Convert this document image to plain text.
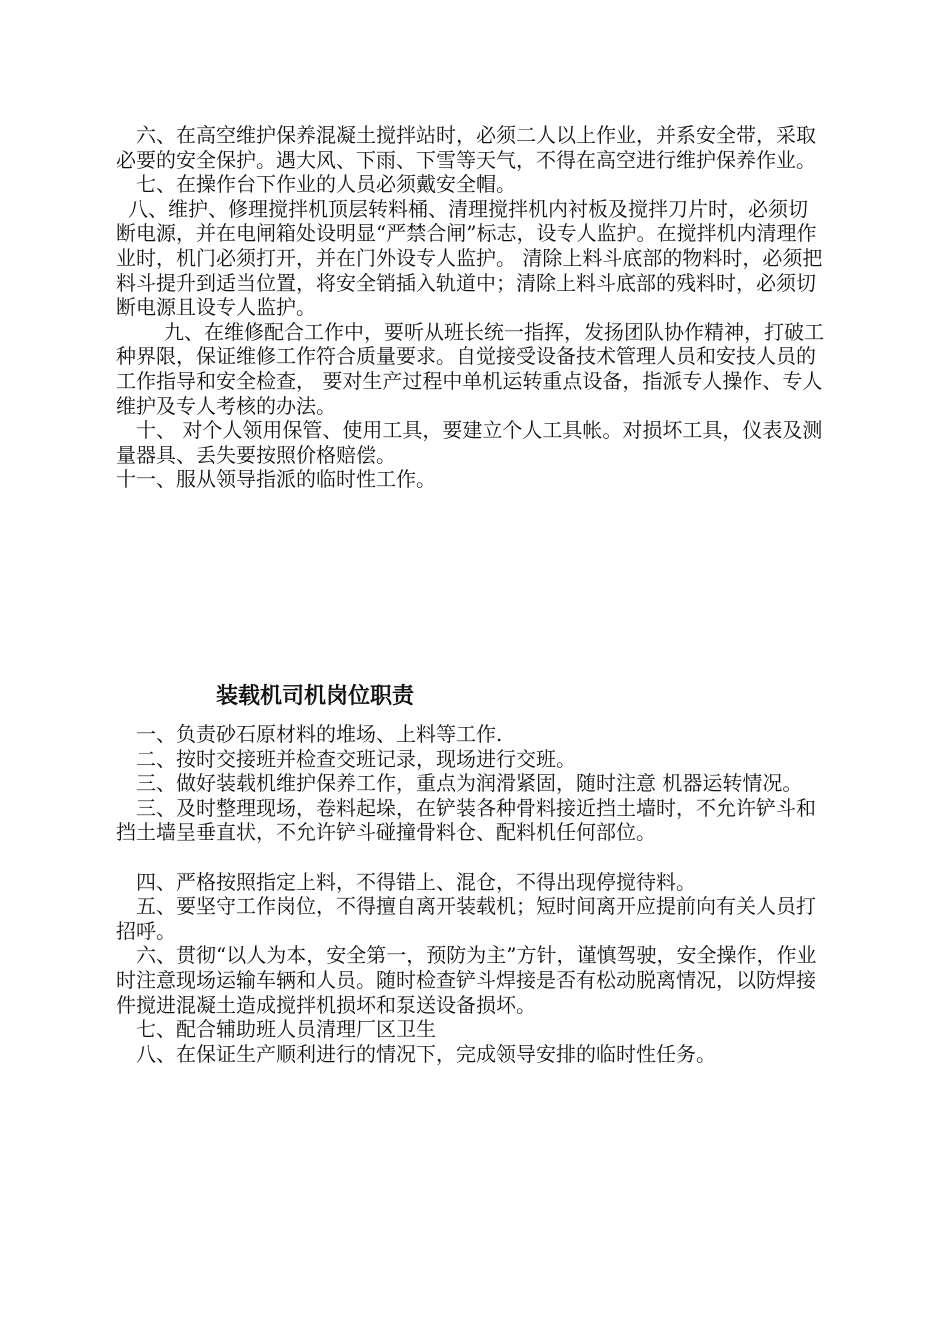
六、在高空维护保养混凝土搅拌站时，必须二人以上作业，并系安全带，采取必要的安全保护。遇大风、下雨、下雪等天气，不得在高空进行维护保养作业。

七、在操作台下作业的人员必须戴安全帽。

八、维护、修理搅拌机顶层转料桶、清理搅拌机内衬板及搅拌刀片时，必须切断电源，并在电闸箱处设明显“严禁合闸”标志，设专人监护。在搅拌机内清理作业时，机门必须打开，并在门外设专人监护。 清除上料斗底部的物料时，必须把料斗提升到适当位置，将安全销插入轨道中；清除上料斗底部的残料时，必须切断电源且设专人监护。

九、在维修配合工作中，要听从班长统一指挥，发扬团队协作精神，打破工种界限，保证维修工作符合质量要求。自觉接受设备技术管理人员和安技人员的工作指导和安全检查， 要对生产过程中单机运转重点设备，指派专人操作、专人维护及专人考核的办法。

十、 对个人领用保管、使用工具，要建立个人工具帐。对损坏工具，仪表及测量器具、丢失要按照价格赔偿。

十一、服从领导指派的临时性工作。

装载机司机岗位职责

一、负责砂石原材料的堆场、上料等工作.

二、按时交接班并检查交班记录，现场进行交班。

三、做好装载机维护保养工作，重点为润滑紧固，随时注意 机器运转情况。

三、及时整理现场，卷料起垛，在铲装各种骨料接近挡土墙时，不允许铲斗和挡土墙呈垂直状，不允许铲斗碰撞骨料仓、配料机任何部位。

四、严格按照指定上料，不得错上、混仓，不得出现停搅待料。

五、要坚守工作岗位，不得擅自离开装载机；短时间离开应提前向有关人员打招呼。

六、贯彻“以人为本，安全第一，预防为主”方针，谨慎驾驶，安全操作，作业时注意现场运输车辆和人员。随时检查铲斗焊接是否有松动脱离情况，以防焊接件搅进混凝土造成搅拌机损坏和泵送设备损坏。

七、配合辅助班人员清理厂区卫生

八、在保证生产顺利进行的情况下，完成领导安排的临时性任务。
